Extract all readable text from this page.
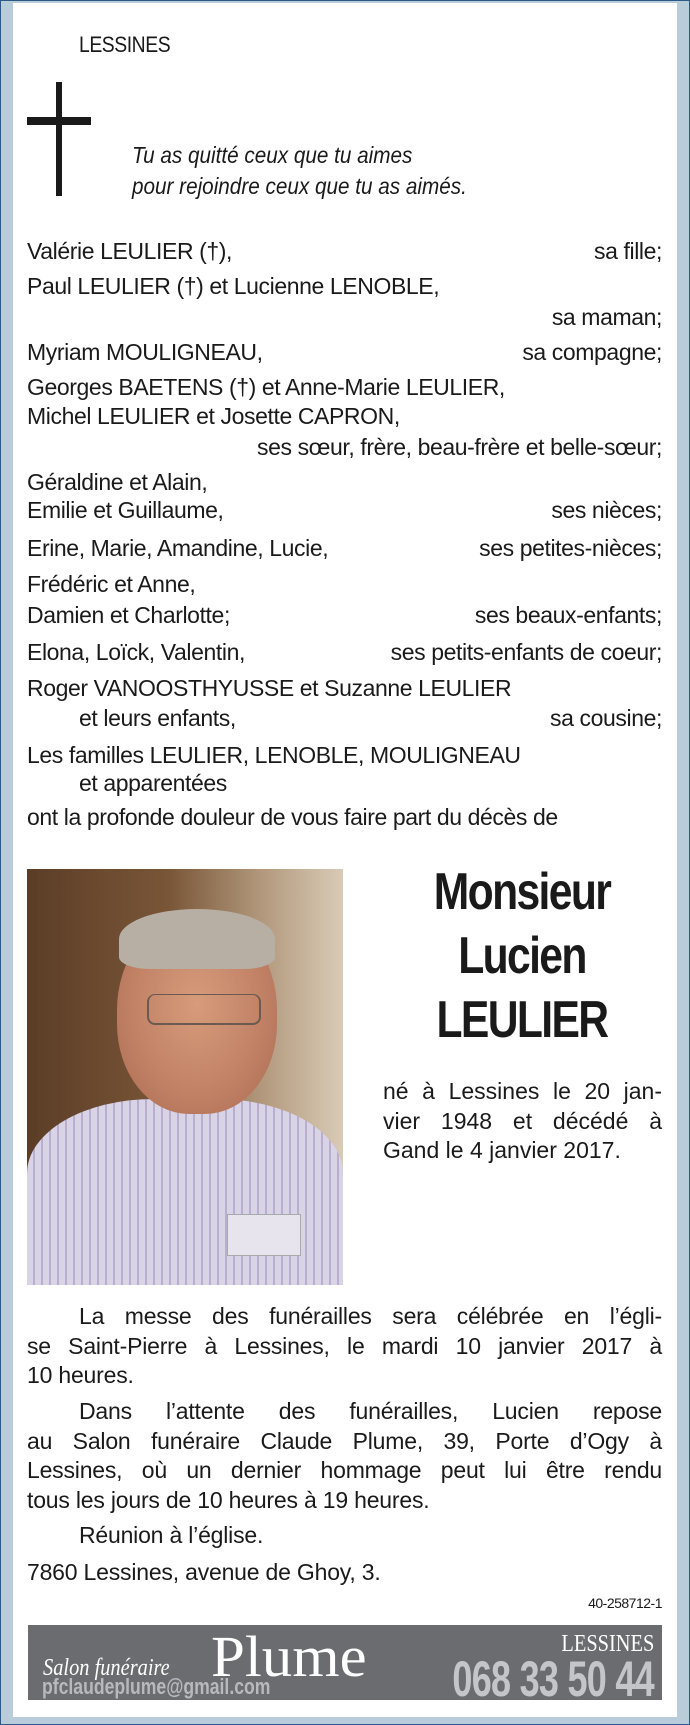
LESSINES
Tu as quitté ceux que tu aimes
pour rejoindre ceux que tu as aimés.
Valérie LEULIER (†),	sa fille;
Paul LEULIER (†) et Lucienne LENOBLE,
sa maman;
Myriam MOULIGNEAU,	sa compagne;
Georges BAETENS (†) et Anne-Marie LEULIER,
Michel LEULIER et Josette CAPRON,
ses sœur, frère, beau-frère et belle-sœur;
Géraldine et Alain,
Emilie et Guillaume,	ses nièces;
Erine, Marie, Amandine, Lucie,	ses petites-nièces;
Frédéric et Anne,
Damien et Charlotte;	ses beaux-enfants;
Elona, Loïck, Valentin,	ses petits-enfants de coeur;
Roger VANOOSTHYUSSE et Suzanne LEULIER
et leurs enfants,	sa cousine;
Les familles LEULIER, LENOBLE, MOULIGNEAU
et apparentées
ont la profonde douleur de vous faire part du décès de
Monsieur
Lucien
LEULIER
né à Lessines le 20 jan-
vier 1948 et décédé à
Gand le 4 janvier 2017.
La messe des funérailles sera célébrée en l’égli-
se Saint-Pierre à Lessines, le mardi 10 janvier 2017 à
10 heures.
Dans l’attente des funérailles, Lucien repose
au Salon funéraire Claude Plume, 39, Porte d’Ogy à
Lessines, où un dernier hommage peut lui être rendu
tous les jours de 10 heures à 19 heures.
Réunion à l’église.
7860 Lessines, avenue de Ghoy, 3.
40-258712-1
Salon funéraire Plume	LESSINES
pfclaudeplume@gmail.com	068 33 50 44
